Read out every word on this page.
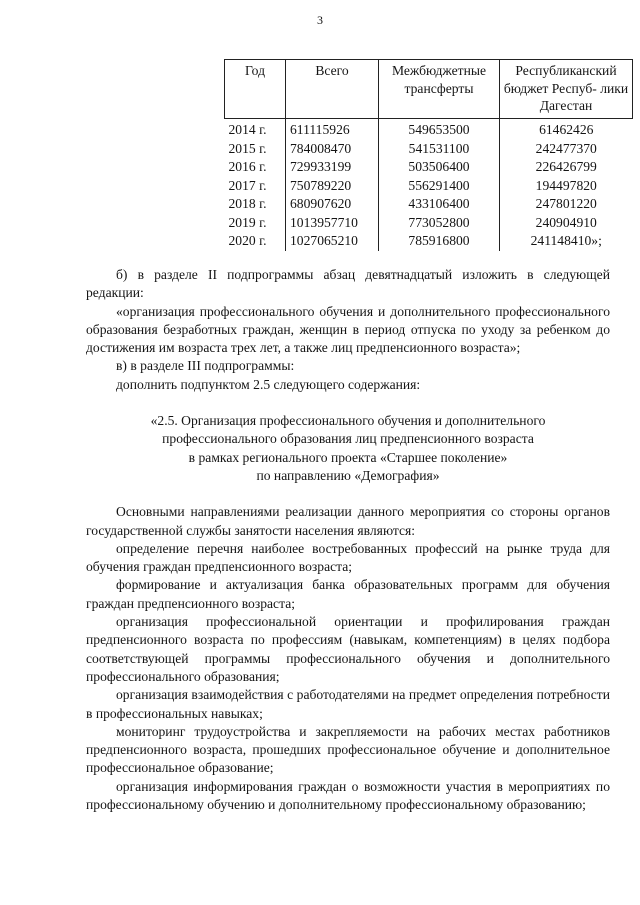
3
Год	Всего	Межбюджетные трансферты	Республиканский бюджет Респуб- лики Дагестан
2014 г.	611115926	549653500	61462426
2015 г.	784008470	541531100	242477370
2016 г.	729933199	503506400	226426799
2017 г.	750789220	556291400	194497820
2018 г.	680907620	433106400	247801220
2019 г.	1013957710	773052800	240904910
2020 г.	1027065210	785916800	241148410»;

б) в разделе II подпрограммы абзац девятнадцатый изложить в следующей редакции:

«организация профессионального обучения и дополнительного профессионального образования безработных граждан, женщин в период отпуска по уходу за ребенком до достижения им возраста трех лет, а также лиц предпенсионного возраста»;

в) в разделе III подпрограммы:

дополнить подпунктом 2.5 следующего содержания:

«2.5. Организация профессионального обучения и дополнительного

профессионального образования лиц предпенсионного возраста

в рамках регионального проекта «Старшее поколение»

по направлению «Демография»

Основными направлениями реализации данного мероприятия со стороны органов государственной службы занятости населения являются:

определение перечня наиболее востребованных профессий на рынке труда для обучения граждан предпенсионного возраста;

формирование и актуализация банка образовательных программ для обучения граждан предпенсионного возраста;

организация профессиональной ориентации и профилирования граждан предпенсионного возраста по профессиям (навыкам, компетенциям) в целях подбора соответствующей программы профессионального обучения и дополнительного профессионального образования;

организация взаимодействия с работодателями на предмет определения потребности в профессиональных навыках;

мониторинг трудоустройства и закрепляемости на рабочих местах работников предпенсионного возраста, прошедших профессиональное обучение и дополнительное профессиональное образование;

организация информирования граждан о возможности участия в мероприятиях по профессиональному обучению и дополнительному профессиональному образованию;
